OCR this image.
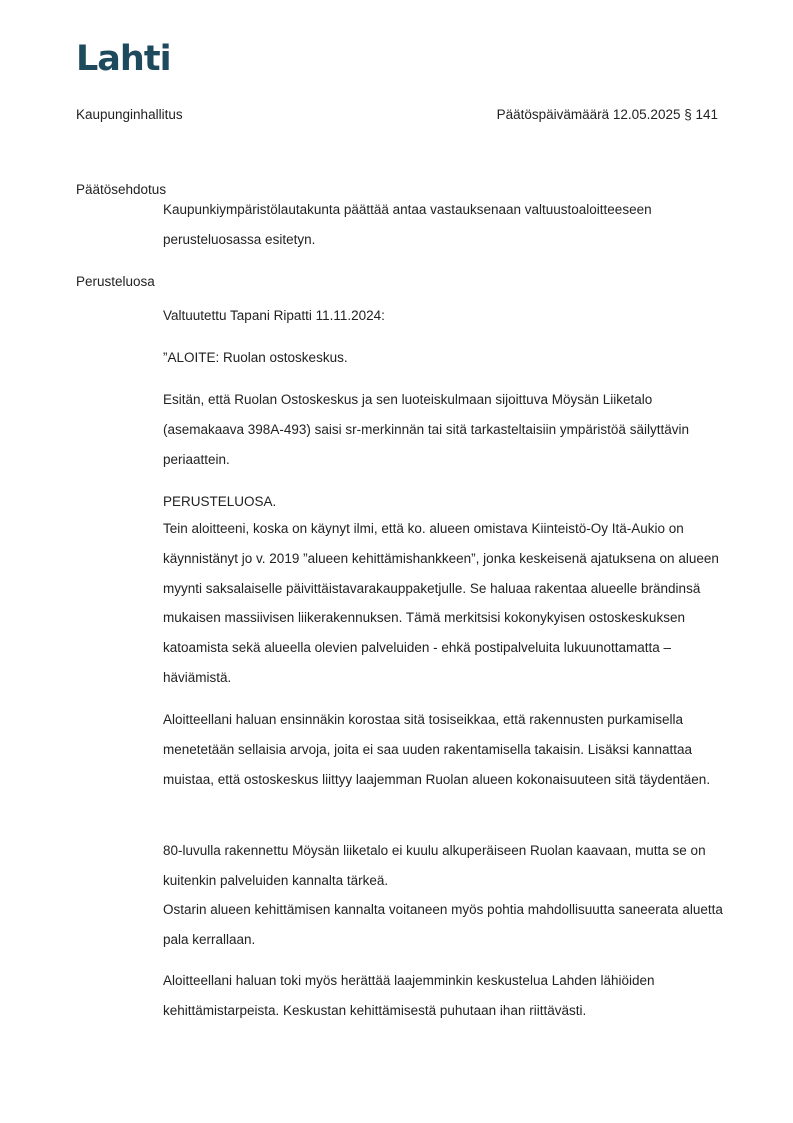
Lahti
Kaupunginhallitus	Päätöspäivämäärä 12.05.2025 § 141
Päätösehdotus

Kaupunkiympäristölautakunta päättää antaa vastauksenaan valtuustoaloitteeseen perusteluosassa esitetyn.

Perusteluosa
Valtuutettu Tapani Ripatti 11.11.2024:
”ALOITE: Ruolan ostoskeskus.
Esitän, että Ruolan Ostoskeskus ja sen luoteiskulmaan sijoittuva Möysän Liiketalo (asemakaava 398A-493) saisi sr-merkinnän tai sitä tarkasteltaisiin ympäristöä säilyttävin periaattein.
PERUSTELUOSA.
Tein aloitteeni, koska on käynyt ilmi, että ko. alueen omistava Kiinteistö-Oy Itä-Aukio on käynnistänyt jo v. 2019 ”alueen kehittämishankkeen”, jonka keskeisenä ajatuksena on alueen myynti saksalaiselle päivittäistavarakauppaketjulle. Se haluaa rakentaa alueelle brändinsä mukaisen massiivisen liikerakennuksen. Tämä merkitsisi kokonykyisen ostoskeskuksen katoamista sekä alueella olevien palveluiden - ehkä postipalveluita lukuunottamatta – häviämistä.
Aloitteellani haluan ensinnäkin korostaa sitä tosiseikkaa, että rakennusten purkamisella menetetään sellaisia arvoja, joita ei saa uuden rakentamisella takaisin. Lisäksi kannattaa muistaa, että ostoskeskus liittyy laajemman Ruolan alueen kokonaisuuteen sitä täydentäen.
80-luvulla rakennettu Möysän liiketalo ei kuulu alkuperäiseen Ruolan kaavaan, mutta se on kuitenkin palveluiden kannalta tärkeä.
Ostarin alueen kehittämisen kannalta voitaneen myös pohtia mahdollisuutta saneerata aluetta pala kerrallaan.
Aloitteellani haluan toki myös herättää laajemminkin keskustelua Lahden lähiöiden kehittämistarpeista. Keskustan kehittämisestä puhutaan ihan riittävästi.
